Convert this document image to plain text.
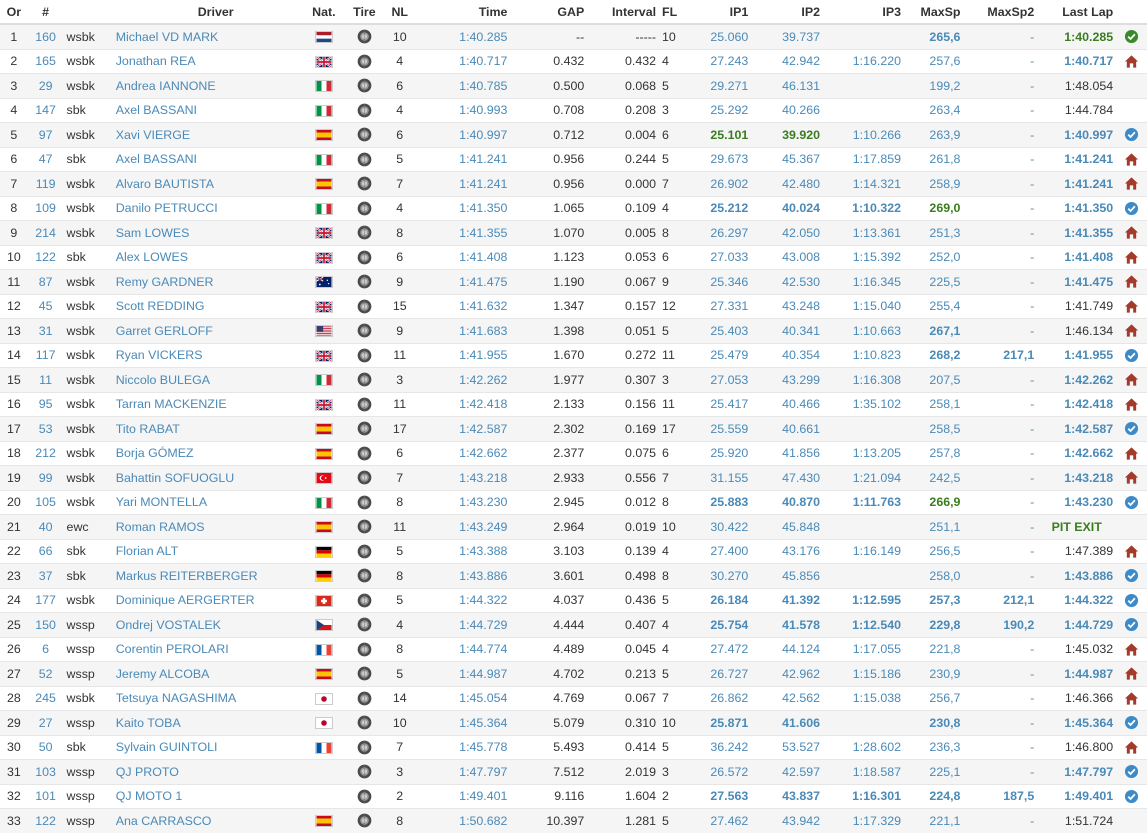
Or	#		Driver	Nat.	Tire	NL	Time	GAP	Interval	FL	IP1	IP2	IP3	MaxSp	MaxSp2	Last Lap	
1	160	wsbk	Michael VD MARK			10	1:40.285	--	-----	10	25.060	39.737		265,6	-	1:40.285	
2	165	wsbk	Jonathan REA			4	1:40.717	0.432	0.432	4	27.243	42.942	1:16.220	257,6	-	1:40.717	
3	29	wsbk	Andrea IANNONE			6	1:40.785	0.500	0.068	5	29.271	46.131		199,2	-	1:48.054	
4	147	sbk	Axel BASSANI			4	1:40.993	0.708	0.208	3	25.292	40.266		263,4	-	1:44.784	
5	97	wsbk	Xavi VIERGE			6	1:40.997	0.712	0.004	6	25.101	39.920	1:10.266	263,9	-	1:40.997	
6	47	sbk	Axel BASSANI			5	1:41.241	0.956	0.244	5	29.673	45.367	1:17.859	261,8	-	1:41.241	
7	119	wsbk	Alvaro BAUTISTA			7	1:41.241	0.956	0.000	7	26.902	42.480	1:14.321	258,9	-	1:41.241	
8	109	wsbk	Danilo PETRUCCI			4	1:41.350	1.065	0.109	4	25.212	40.024	1:10.322	269,0	-	1:41.350	
9	214	wsbk	Sam LOWES			8	1:41.355	1.070	0.005	8	26.297	42.050	1:13.361	251,3	-	1:41.355	
10	122	sbk	Alex LOWES			6	1:41.408	1.123	0.053	6	27.033	43.008	1:15.392	252,0	-	1:41.408	
11	87	wsbk	Remy GARDNER			9	1:41.475	1.190	0.067	9	25.346	42.530	1:16.345	225,5	-	1:41.475	
12	45	wsbk	Scott REDDING			15	1:41.632	1.347	0.157	12	27.331	43.248	1:15.040	255,4	-	1:41.749	
13	31	wsbk	Garret GERLOFF			9	1:41.683	1.398	0.051	5	25.403	40.341	1:10.663	267,1	-	1:46.134	
14	117	wsbk	Ryan VICKERS			11	1:41.955	1.670	0.272	11	25.479	40.354	1:10.823	268,2	217,1	1:41.955	
15	11	wsbk	Niccolo BULEGA			3	1:42.262	1.977	0.307	3	27.053	43.299	1:16.308	207,5	-	1:42.262	
16	95	wsbk	Tarran MACKENZIE			11	1:42.418	2.133	0.156	11	25.417	40.466	1:35.102	258,1	-	1:42.418	
17	53	wsbk	Tito RABAT			17	1:42.587	2.302	0.169	17	25.559	40.661		258,5	-	1:42.587	
18	212	wsbk	Borja GÓMEZ			6	1:42.662	2.377	0.075	6	25.920	41.856	1:13.205	257,8	-	1:42.662	
19	99	wsbk	Bahattin SOFUOGLU			7	1:43.218	2.933	0.556	7	31.155	47.430	1:21.094	242,5	-	1:43.218	
20	105	wsbk	Yari MONTELLA			8	1:43.230	2.945	0.012	8	25.883	40.870	1:11.763	266,9	-	1:43.230	
21	40	ewc	Roman RAMOS			11	1:43.249	2.964	0.019	10	30.422	45.848		251,1	-	PIT EXIT	
22	66	sbk	Florian ALT			5	1:43.388	3.103	0.139	4	27.400	43.176	1:16.149	256,5	-	1:47.389	
23	37	sbk	Markus REITERBERGER			8	1:43.886	3.601	0.498	8	30.270	45.856		258,0	-	1:43.886	
24	177	wsbk	Dominique AERGERTER			5	1:44.322	4.037	0.436	5	26.184	41.392	1:12.595	257,3	212,1	1:44.322	
25	150	wssp	Ondrej VOSTALEK			4	1:44.729	4.444	0.407	4	25.754	41.578	1:12.540	229,8	190,2	1:44.729	
26	6	wssp	Corentin PEROLARI			8	1:44.774	4.489	0.045	4	27.472	44.124	1:17.055	221,8	-	1:45.032	
27	52	wssp	Jeremy ALCOBA			5	1:44.987	4.702	0.213	5	26.727	42.962	1:15.186	230,9	-	1:44.987	
28	245	wsbk	Tetsuya NAGASHIMA			14	1:45.054	4.769	0.067	7	26.862	42.562	1:15.038	256,7	-	1:46.366	
29	27	wssp	Kaito TOBA			10	1:45.364	5.079	0.310	10	25.871	41.606		230,8	-	1:45.364	
30	50	sbk	Sylvain GUINTOLI			7	1:45.778	5.493	0.414	5	36.242	53.527	1:28.602	236,3	-	1:46.800	
31	103	wssp	QJ PROTO			3	1:47.797	7.512	2.019	3	26.572	42.597	1:18.587	225,1	-	1:47.797	
32	101	wssp	QJ MOTO 1			2	1:49.401	9.116	1.604	2	27.563	43.837	1:16.301	224,8	187,5	1:49.401	
33	122	wssp	Ana CARRASCO			8	1:50.682	10.397	1.281	5	27.462	43.942	1:17.329	221,1	-	1:51.724	
